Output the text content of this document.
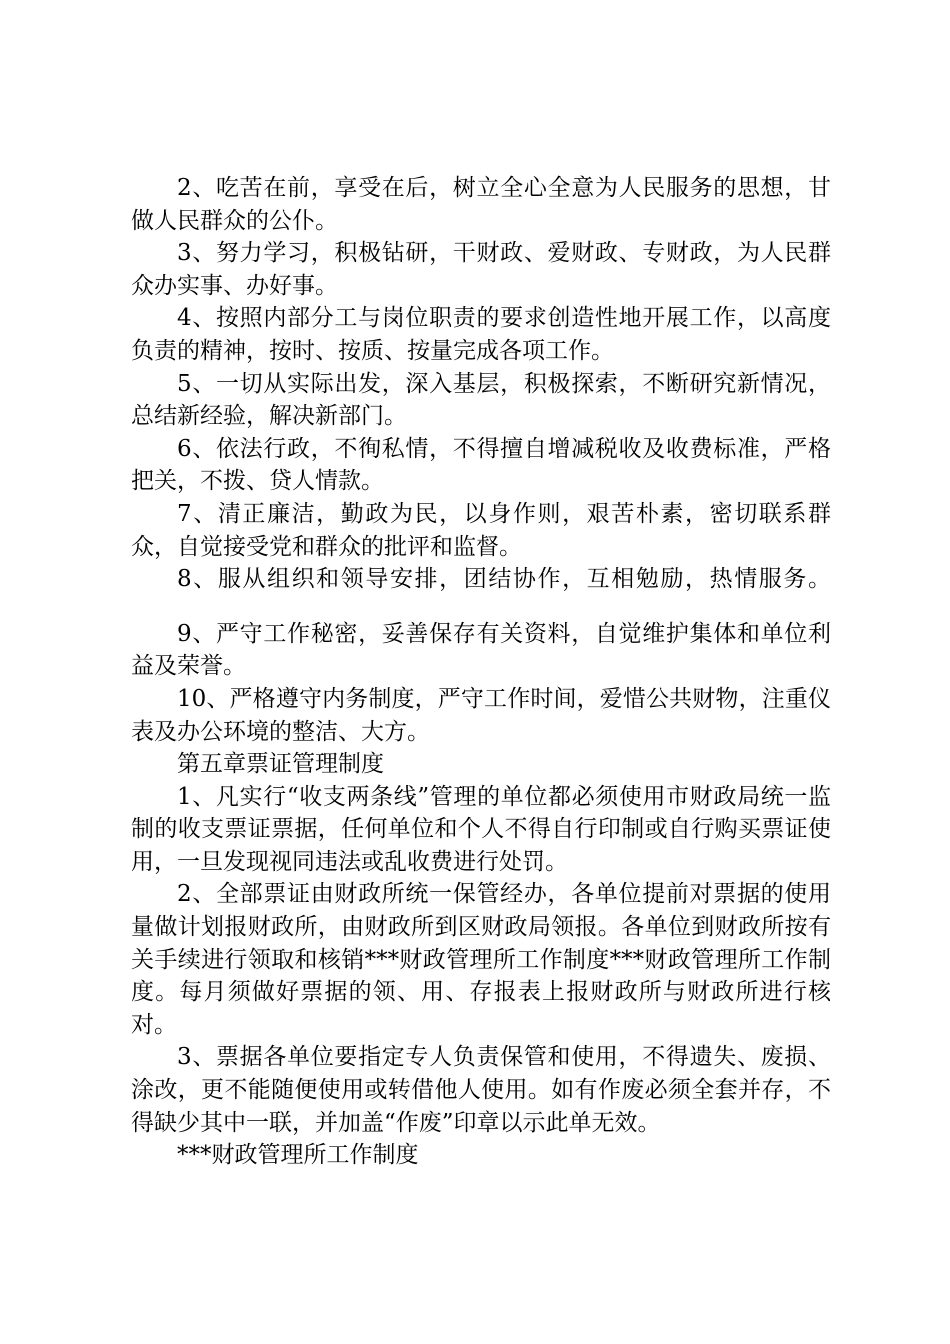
2、吃苦在前，享受在后，树立全心全意为人民服务的思想，甘做人民群众的公仆。

3、努力学习，积极钻研，干财政、爱财政、专财政，为人民群众办实事、办好事。

4、按照内部分工与岗位职责的要求创造性地开展工作，以高度负责的精神，按时、按质、按量完成各项工作。

5、一切从实际出发，深入基层，积极探索，不断研究新情况，总结新经验，解决新部门。

6、依法行政，不徇私情，不得擅自增减税收及收费标准，严格把关，不拨、贷人情款。

7、清正廉洁，勤政为民，以身作则，艰苦朴素，密切联系群众，自觉接受党和群众的批评和监督。

8、服从组织和领导安排，团结协作，互相勉励，热情服务。

9、严守工作秘密，妥善保存有关资料，自觉维护集体和单位利益及荣誉。

10、严格遵守内务制度，严守工作时间，爱惜公共财物，注重仪表及办公环境的整洁、大方。

第五章票证管理制度

1、凡实行“收支两条线”管理的单位都必须使用市财政局统一监制的收支票证票据，任何单位和个人不得自行印制或自行购买票证使用，一旦发现视同违法或乱收费进行处罚。

2、全部票证由财政所统一保管经办，各单位提前对票据的使用量做计划报财政所，由财政所到区财政局领报。各单位到财政所按有关手续进行领取和核销***财政管理所工作制度***财政管理所工作制度。每月须做好票据的领、用、存报表上报财政所与财政所进行核对。

3、票据各单位要指定专人负责保管和使用，不得遗失、废损、涂改，更不能随便使用或转借他人使用。如有作废必须全套并存，不得缺少其中一联，并加盖“作废”印章以示此单无效。

***财政管理所工作制度
